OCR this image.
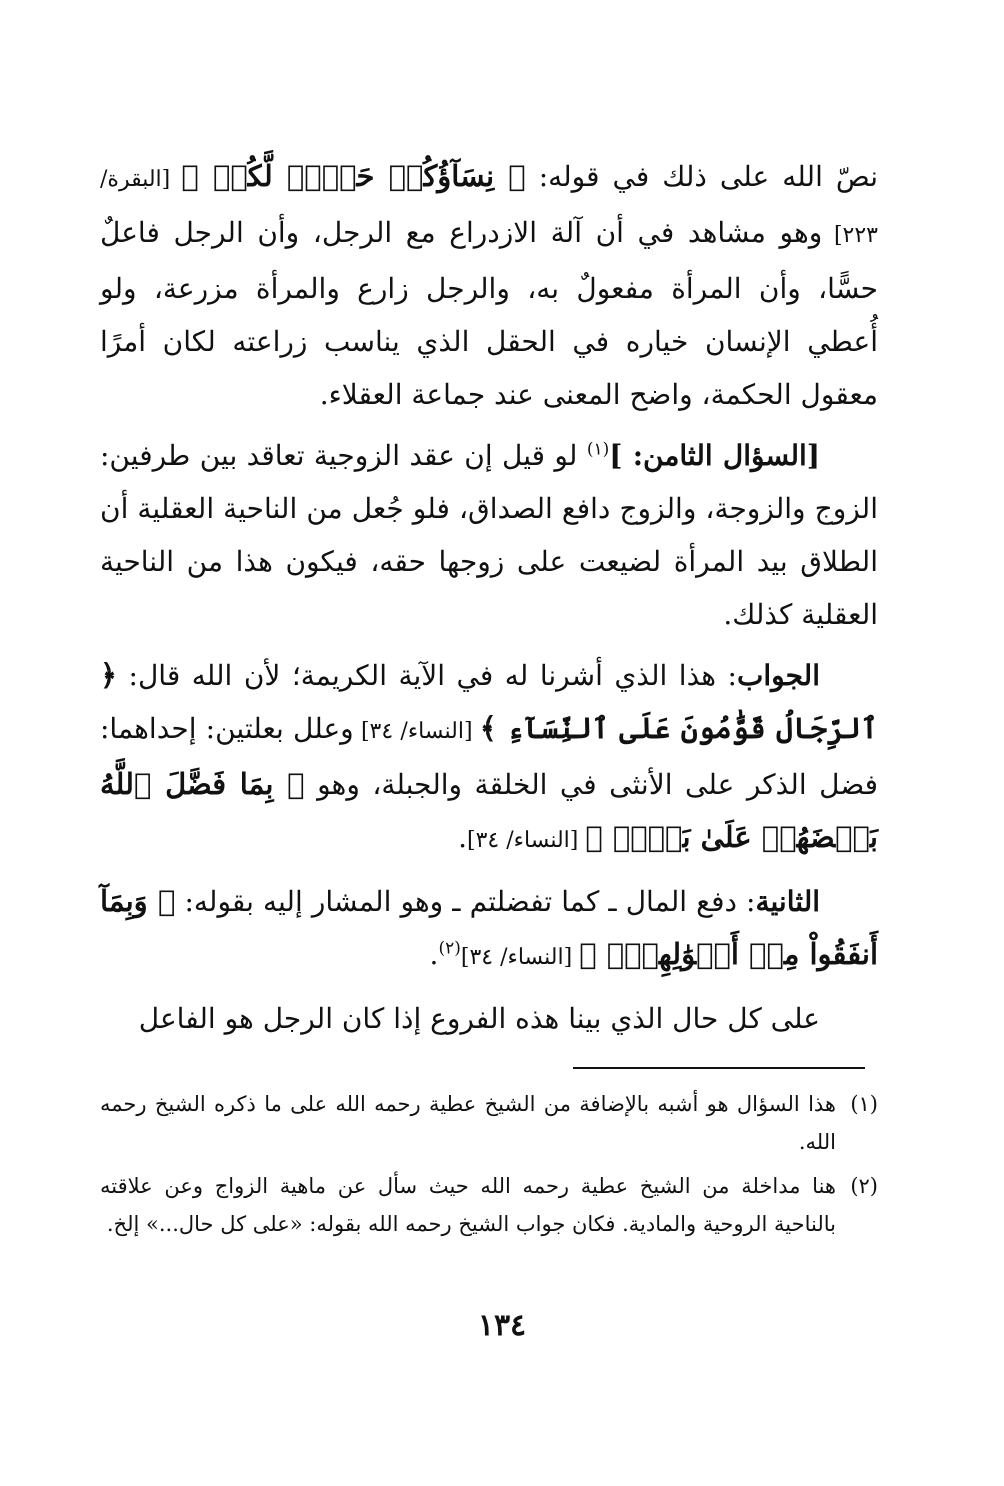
نصّ الله على ذلك في قوله: ﴿ نِسَآؤُكُمۡ حَرۡثٞ لَّكُمۡ ﴾ [البقرة/ ٢٢٣] وهو مشاهد في أن آلة الازدراع مع الرجل، وأن الرجل فاعلٌ حسًّا، وأن المرأة مفعولٌ به، والرجل زارع والمرأة مزرعة، ولو أُعطي الإنسان خياره في الحقل الذي يناسب زراعته لكان أمرًا معقول الحكمة، واضح المعنى عند جماعة العقلاء.

[السؤال الثامن: ]$^{(١)}$ لو قيل إن عقد الزوجية تعاقد بين طرفين: الزوج والزوجة، والزوج دافع الصداق، فلو جُعل من الناحية العقلية أن الطلاق بيد المرأة لضيعت على زوجها حقه، فيكون هذا من الناحية العقلية كذلك.

الجواب: هذا الذي أشرنا له في الآية الكريمة؛ لأن الله قال: ﴿ ٱلرِّجَالُ قَوَّٰمُونَ عَلَى ٱلنِّسَآءِ ﴾ [النساء/ ٣٤] وعلل بعلتين: إحداهما: فضل الذكر على الأنثى في الخلقة والجبلة، وهو ﴿ بِمَا فَضَّلَ ٱللَّهُ بَعۡضَهُمۡ عَلَىٰ بَعۡضٖ ﴾ [النساء/ ٣٤].

الثانية: دفع المال ـ كما تفضلتم ـ وهو المشار إليه بقوله: ﴿ وَبِمَآ أَنفَقُواْ مِنۡ أَمۡوَٰلِهِمۡۚ ﴾ [النساء/ ٣٤]$^{(٢)}$.

على كل حال الذي بينا هذه الفروع إذا كان الرجل هو الفاعل

(١)
هذا السؤال هو أشبه بالإضافة من الشيخ عطية رحمه الله على ما ذكره الشيخ رحمه الله.
(٢)
هنا مداخلة من الشيخ عطية رحمه الله حيث سأل عن ماهية الزواج وعن علاقته بالناحية الروحية والمادية. فكان جواب الشيخ رحمه الله بقوله: «على كل حال...» إلخ.
١٣٤
